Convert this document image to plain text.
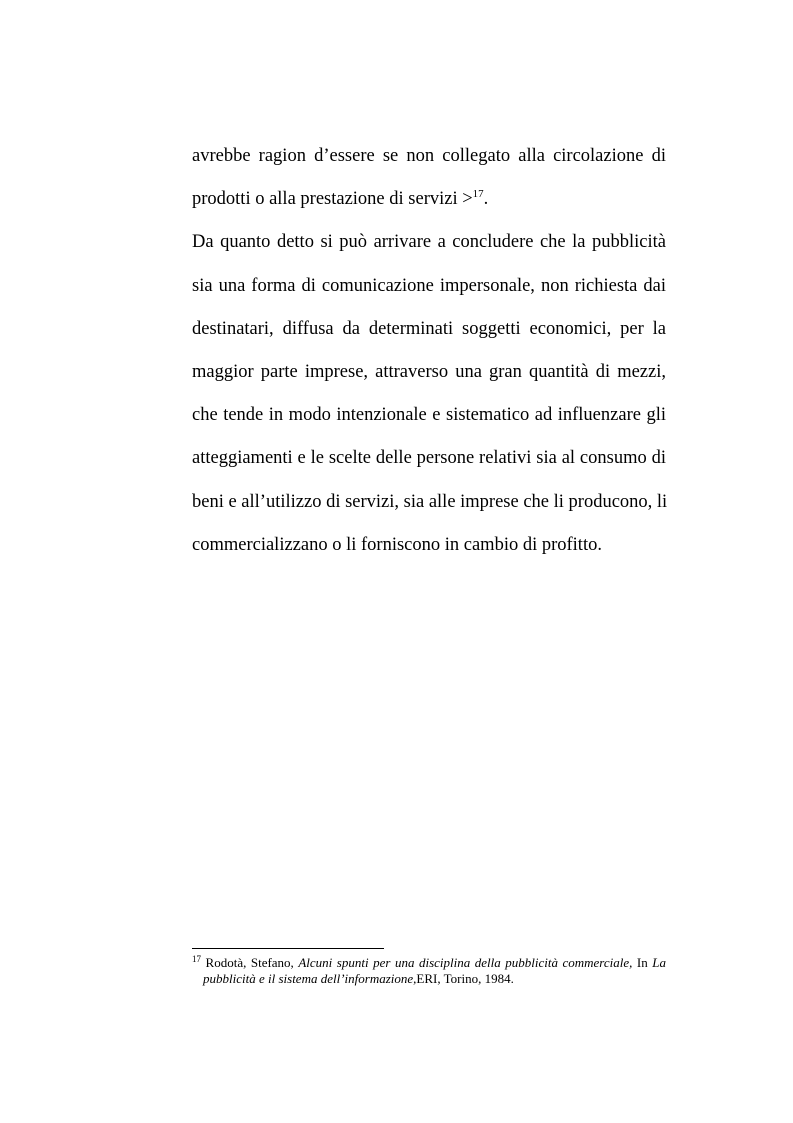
avrebbe ragion d’essere se non collegato alla circolazione di
prodotti o alla prestazione di servizi >$^{17}$.
Da quanto detto si può arrivare a concludere che la pubblicità
sia una forma di comunicazione impersonale, non richiesta dai
destinatari, diffusa da determinati soggetti economici, per la
maggior parte imprese, attraverso una gran quantità di mezzi,
che tende in modo intenzionale e sistematico ad influenzare gli
atteggiamenti e le scelte delle persone relativi sia al consumo di
beni e all’utilizzo di servizi, sia alle imprese che li producono, li
commercializzano o li forniscono in cambio di profitto.
$^{17}$ Rodotà, Stefano, Alcuni spunti per una disciplina della pubblicità commerciale, In La
pubblicità e il sistema dell’informazione,ERI, Torino, 1984.
